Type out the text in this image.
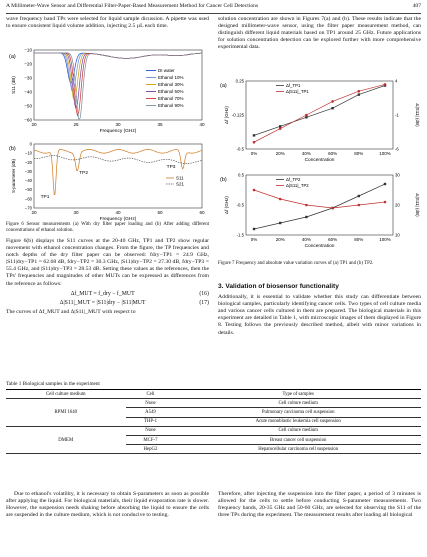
A Millimeter-Wave Sensor and Differential Filter-Paper-Based Measurement Method for Cancer Cell Detections	407

wave frequency band TPs were selected for liquid sample dicussion. A pipette was used to ensure consistent liquid volume addition, injecting 2.5 µL each time.

(a)
20	25	30	35	40
−10
−20
−30
−40
−50
−60
Frequency (GHz)
S11 (dB)
DI water
Ethanol 10%
Ethanol 30%
Ethanol 50%
Ethanol 70%
Ethanol 90%
(b)
20	30	40	50	60
0
−10
−20
−30
−40
−50
−60
−70
Frequency (GHz)
S-parameter (dB)
TP1
TP2
TP3
S11
S21
Figure 6 Sensor measurements (a) With dry filter paper loading and (b) After adding different concentrations of ethanol solution.

Figure 6(b) displays the S11 curves at the 20-40 GHz, TP1 and TP2 show regular movement with ethanol concentration changes. From the figure, the TP frequencies and notch depths of the dry filter paper can be observed: fdry−TP1 = 24.9 GHz, |S11|dry−TP1 = 62.68 dB, fdry−TP2 = 30.3 GHz, |S11|dry−TP2 = 27.30 dB, fdry−TP3 = 55.4 GHz, and |S11|dry−TP3 = 28.53 dB. Setting these values as the references, then the TPs' frequencies and magnitudes of other MUTs can be expressed as differences from the reference as follows:

Δf_MUT = f_dry − f_MUT	(16)
Δ|S11|_MUT = |S11|dry − |S11|MUT	(17)

The curves of Δf_MUT and Δ|S11|_MUT with respect to

solution concentration are shown in Figures 7(a) and (b). These results indicate that the designed millimeter-wave sensor, using the filter paper measurement method, can distinguish different liquid materials based on TP1 around 25 GHz. Future applications for solution concentration detection can be explored further with more comprehensive experimental data.
(a)
0%	20%	40%	60%	80%	100%
Concentration
Δf (GHz)	Δ|S11| (dB)
-0.5
-0.125
0.25
-6
-1
4
Δf_TP1
Δ|S11|_TP1
(b)
0%	20%	40%	60%	80%	100%
Concentration
Δf (GHz)	Δ|S11| (dB)
-1.5
-0.5
0.5
10
20
30
Δf_TP2
Δ|S11|_TP2
Figure 7 Frequency and absolute value variation curves of (a) TP1 and (b) TP2.
3. Validation of biosensor functionality

Additionally, it is essential to validate whether this study can differentiate between biological samples, particularly identifying cancer cells. Two types of cell culture media and various cancer cells cultured in them are prepared. The biological materials in this experiment are detailed in Table 1, with microscopic images of them displayed in Figure 8. Testing follows the previously described method, albeit with minor variations in details.

Table 1 Biological samples in the experiment
Cell culture medium	Cell	Type of samples
RPMI 1640	None	Cell culture medium
	A549	Pulmonary carcinoma cell suspension
	THP-1	Acute monoblastic leukemia cell suspension
DMEM	None	Cell culture medium
	MCF-7	Breast cancer cell suspension
	HepG2	Hepatocellular carcinoma cell suspension
Due to ethanol's volatility, it is necessary to obtain S-parameters as soon as possible after applying the liquid. For biological materials, their liquid evaporation rate is slower. However, the suspension needs shaking before absorbing the liquid to ensure the cells are suspended in the culture medium, which is not conducive to testing.
Therefore, after injecting the suspension into the filter paper, a period of 3 minutes is allowed for the cells to settle before conducting S-parameter measurements. Two frequency bands, 20-35 GHz and 50-60 GHz, are selected for observing the S11 of the three TPs during the experiment. The measurement results after loading all biological
